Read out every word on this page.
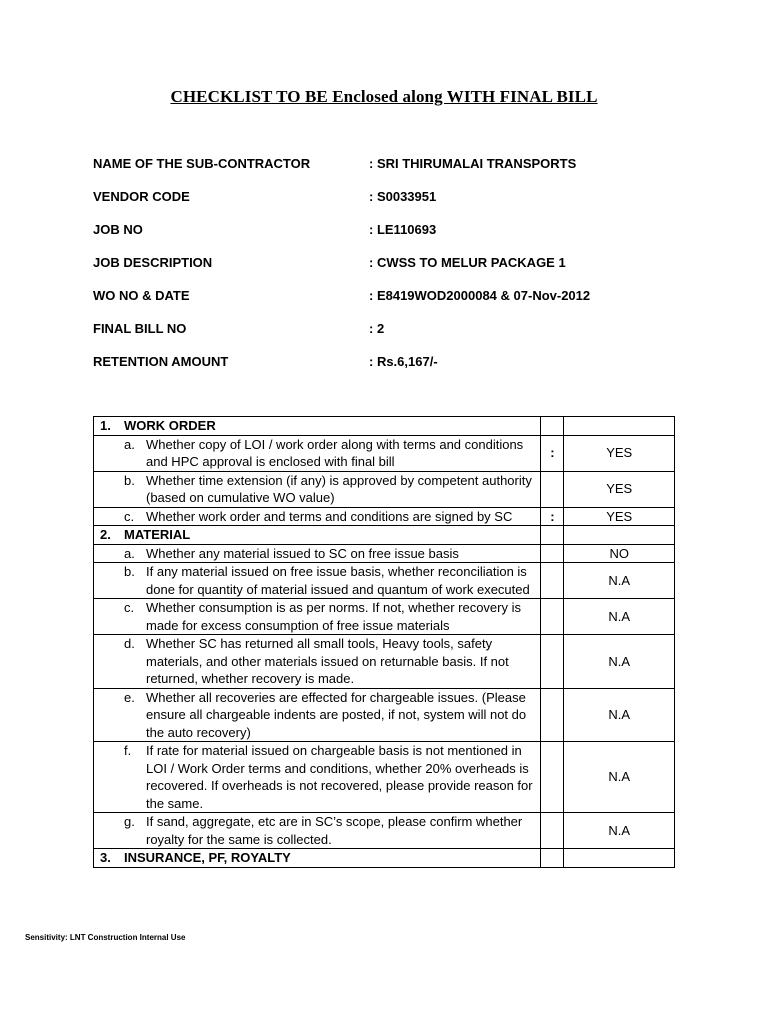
CHECKLIST TO BE Enclosed along WITH FINAL BILL
NAME OF THE SUB-CONTRACTOR	: SRI THIRUMALAI TRANSPORTS
VENDOR CODE	: S0033951
JOB NO	: LE110693
JOB DESCRIPTION	: CWSS TO MELUR PACKAGE 1
WO NO & DATE	: E8419WOD2000084 & 07-Nov-2012
FINAL BILL NO	: 2
RETENTION AMOUNT	: Rs.6,167/-
1. WORK ORDER		

a. Whether copy of LOI / work order along with terms and conditions and HPC approval is enclosed with final bill	:	YES

b. Whether time extension (if any) is approved by competent authority (based on cumulative WO value)		YES

c. Whether work order and terms and conditions are signed by SC	:	YES

2. MATERIAL		

a. Whether any material issued to SC on free issue basis		NO

b. If any material issued on free issue basis, whether reconciliation is done for quantity of material issued and quantum of work executed		N.A

c. Whether consumption is as per norms. If not, whether recovery is made for excess consumption of free issue materials		N.A

d. Whether SC has returned all small tools, Heavy tools, safety materials, and other materials issued on returnable basis. If not returned, whether recovery is made.		N.A

e. Whether all recoveries are effected for chargeable issues. (Please ensure all chargeable indents are posted, if not, system will not do the auto recovery)		N.A

f. If rate for material issued on chargeable basis is not mentioned in LOI / Work Order terms and conditions, whether 20% overheads is recovered. If overheads is not recovered, please provide reason for the same.		N.A

g. If sand, aggregate, etc are in SC’s scope, please confirm whether royalty for the same is collected.		N.A

3. INSURANCE, PF, ROYALTY		

Sensitivity: LNT Construction Internal Use
